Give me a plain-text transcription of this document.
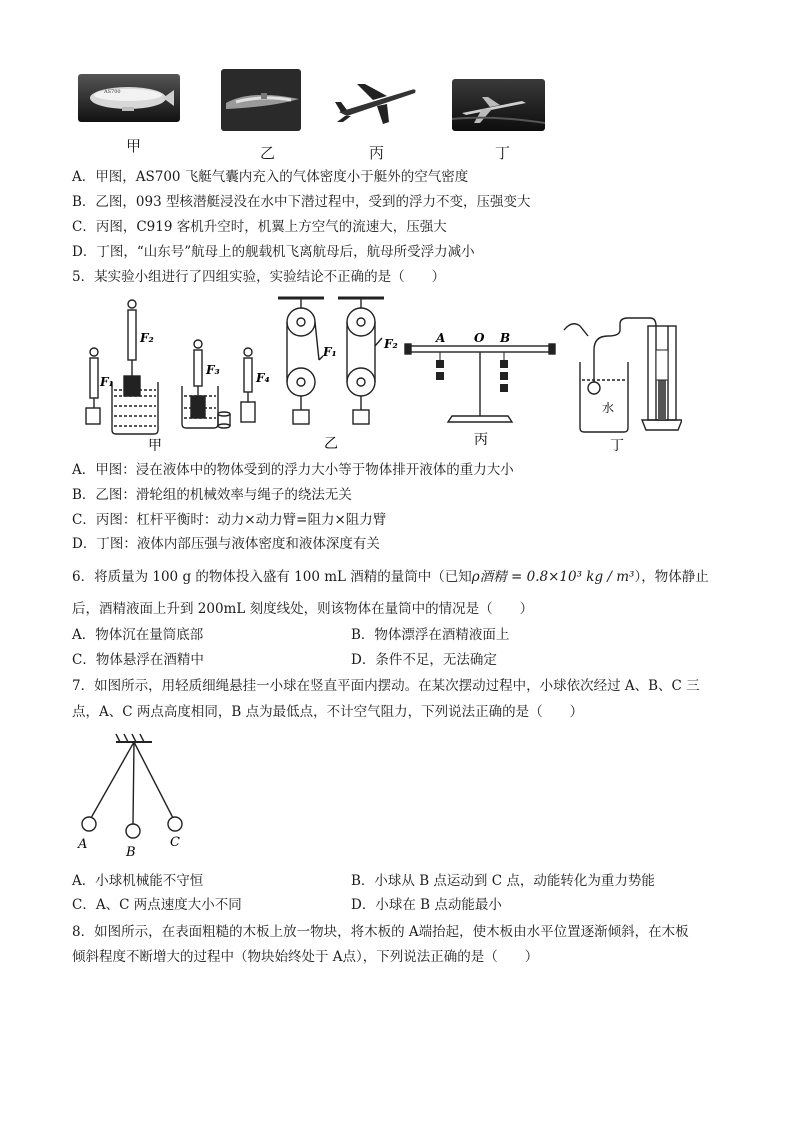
AS700
甲	乙	丙	丁
A．甲图，AS700 飞艇气囊内充入的气体密度小于艇外的空气密度
B．乙图，093 型核潜艇浸没在水中下潜过程中，受到的浮力不变，压强变大
C．丙图，C919 客机升空时，机翼上方空气的流速大，压强大
D．丁图，“山东号”航母上的舰载机飞离航母后，航母所受浮力减小
5．某实验小组进行了四组实验，实验结论不正确的是（　　）
F₁
F₂
F₃
F₄
甲
F₁
F₂
乙
A O B
丙
水
丁
A．甲图：浸在液体中的物体受到的浮力大小等于物体排开液体的重力大小
B．乙图：滑轮组的机械效率与绳子的绕法无关
C．丙图：杠杆平衡时：动力×动力臂=阻力×阻力臂
D．丁图：液体内部压强与液体密度和液体深度有关
6．将质量为 100 g 的物体投入盛有 100 mL 酒精的量筒中（已知ρ酒精 = 0.8×10³ kg / m³），物体静止
后，酒精液面上升到 200mL 刻度线处，则该物体在量筒中的情况是（　　）
A．物体沉在量筒底部	B．物体漂浮在酒精液面上
C．物体悬浮在酒精中	D．条件不足，无法确定
7．如图所示，用轻质细绳悬挂一小球在竖直平面内摆动。在某次摆动过程中，小球依次经过 A、B、C 三
点，A、C 两点高度相同，B 点为最低点，不计空气阻力，下列说法正确的是（　　）
A
B
C
A．小球机械能不守恒	B．小球从 B 点运动到 C 点，动能转化为重力势能
C．A、C 两点速度大小不同	D．小球在 B 点动能最小
8．如图所示，在表面粗糙的木板上放一物块，将木板的 A端抬起，使木板由水平位置逐渐倾斜，在木板
倾斜程度不断增大的过程中（物块始终处于 A点），下列说法正确的是（　　）
